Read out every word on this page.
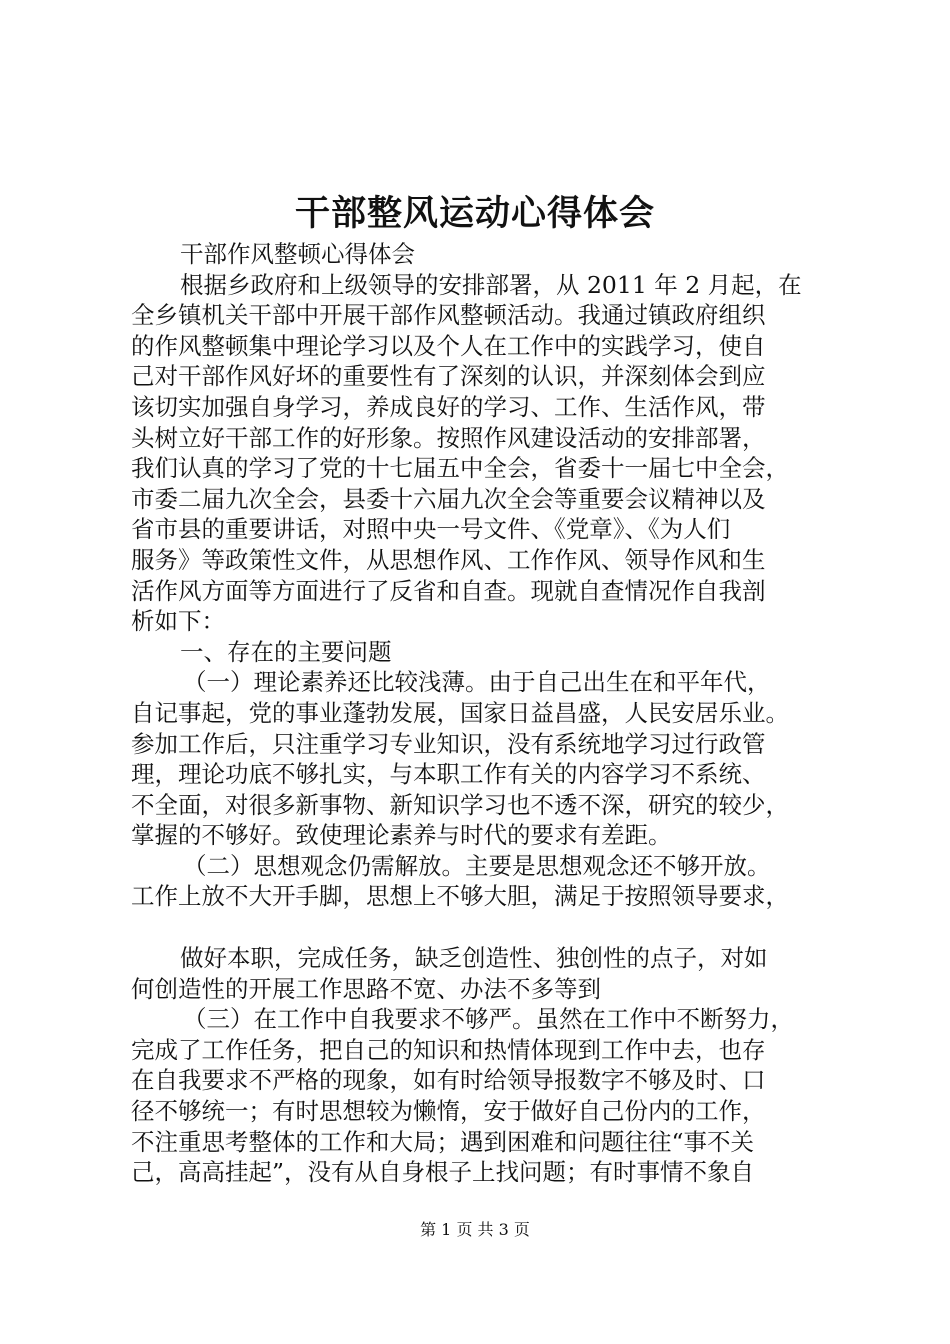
干部整风运动心得体会
干部作风整顿心得体会
根据乡政府和上级领导的安排部署，从 2011 年 2 月起，在
全乡镇机关干部中开展干部作风整顿活动。我通过镇政府组织
的作风整顿集中理论学习以及个人在工作中的实践学习，使自
己对干部作风好坏的重要性有了深刻的认识，并深刻体会到应
该切实加强自身学习，养成良好的学习、工作、生活作风，带
头树立好干部工作的好形象。按照作风建设活动的安排部署，
我们认真的学习了党的十七届五中全会，省委十一届七中全会，
市委二届九次全会，县委十六届九次全会等重要会议精神以及
省市县的重要讲话，对照中央一号文件、《党章》、《为人们
服务》等政策性文件，从思想作风、工作作风、领导作风和生
活作风方面等方面进行了反省和自查。现就自查情况作自我剖
析如下：
一、存在的主要问题
（一）理论素养还比较浅薄。由于自己出生在和平年代，
自记事起，党的事业蓬勃发展，国家日益昌盛，人民安居乐业。
参加工作后，只注重学习专业知识，没有系统地学习过行政管
理，理论功底不够扎实，与本职工作有关的内容学习不系统、
不全面，对很多新事物、新知识学习也不透不深，研究的较少，
掌握的不够好。致使理论素养与时代的要求有差距。
（二）思想观念仍需解放。主要是思想观念还不够开放。
工作上放不大开手脚，思想上不够大胆，满足于按照领导要求，
做好本职，完成任务，缺乏创造性、独创性的点子，对如
何创造性的开展工作思路不宽、办法不多等到
（三）在工作中自我要求不够严。虽然在工作中不断努力，
完成了工作任务，把自己的知识和热情体现到工作中去，也存
在自我要求不严格的现象，如有时给领导报数字不够及时、口
径不够统一；有时思想较为懒惰，安于做好自己份内的工作，
不注重思考整体的工作和大局；遇到困难和问题往往“事不关
己，高高挂起”，没有从自身根子上找问题；有时事情不象自
第 1 页 共 3 页
